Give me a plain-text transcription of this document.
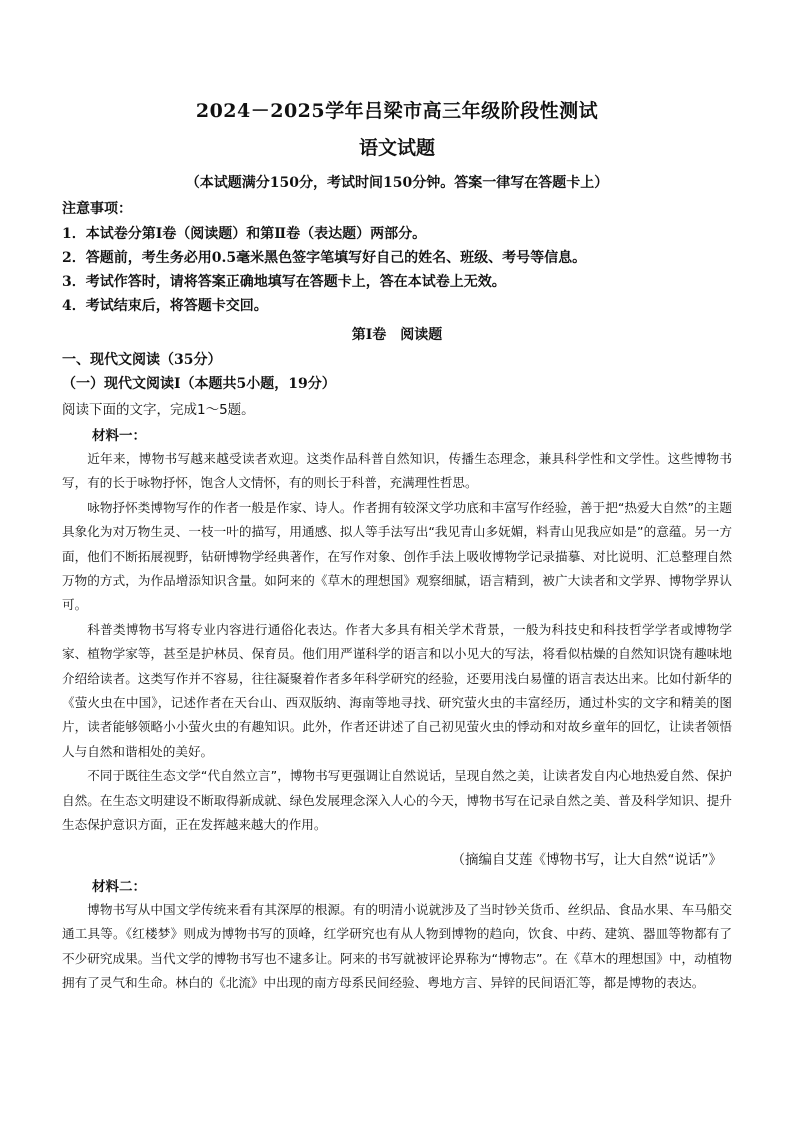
2024－2025学年吕梁市高三年级阶段性测试
语文试题
（本试题满分150分，考试时间150分钟。答案一律写在答题卡上）
注意事项：
1．本试卷分第Ⅰ卷（阅读题）和第Ⅱ卷（表达题）两部分。
2．答题前，考生务必用0.5毫米黑色签字笔填写好自己的姓名、班级、考号等信息。
3．考试作答时，请将答案正确地填写在答题卡上，答在本试卷上无效。
4．考试结束后，将答题卡交回。
第Ⅰ卷　阅读题
一、现代文阅读（35分）
（一）现代文阅读Ⅰ（本题共5小题，19分）
阅读下面的文字，完成1～5题。
材料一：

近年来，博物书写越来越受读者欢迎。这类作品科普自然知识，传播生态理念，兼具科学性和文学性。这些博物书写，有的长于咏物抒怀，饱含人文情怀，有的则长于科普，充满理性哲思。

咏物抒怀类博物写作的作者一般是作家、诗人。作者拥有较深文学功底和丰富写作经验，善于把“热爱大自然”的主题具象化为对万物生灵、一枝一叶的描写，用通感、拟人等手法写出“我见青山多妩媚，料青山见我应如是”的意蕴。另一方面，他们不断拓展视野，钻研博物学经典著作，在写作对象、创作手法上吸收博物学记录描摹、对比说明、汇总整理自然万物的方式，为作品增添知识含量。如阿来的《草木的理想国》观察细腻，语言精到，被广大读者和文学界、博物学界认可。

科普类博物书写将专业内容进行通俗化表达。作者大多具有相关学术背景，一般为科技史和科技哲学学者或博物学家、植物学家等，甚至是护林员、保育员。他们用严谨科学的语言和以小见大的写法，将看似枯燥的自然知识饶有趣味地介绍给读者。这类写作并不容易，往往凝聚着作者多年科学研究的经验，还要用浅白易懂的语言表达出来。比如付新华的《萤火虫在中国》，记述作者在天台山、西双版纳、海南等地寻找、研究萤火虫的丰富经历，通过朴实的文字和精美的图片，读者能够领略小小萤火虫的有趣知识。此外，作者还讲述了自己初见萤火虫的悸动和对故乡童年的回忆，让读者领悟人与自然和谐相处的美好。

不同于既往生态文学“代自然立言”，博物书写更强调让自然说话，呈现自然之美，让读者发自内心地热爱自然、保护自然。在生态文明建设不断取得新成就、绿色发展理念深入人心的今天，博物书写在记录自然之美、普及科学知识、提升生态保护意识方面，正在发挥越来越大的作用。

（摘编自艾莲《博物书写，让大自然“说话”》
材料二：

博物书写从中国文学传统来看有其深厚的根源。有的明清小说就涉及了当时钞关货币、丝织品、食品水果、车马船交通工具等。《红楼梦》则成为博物书写的顶峰，红学研究也有从人物到博物的趋向，饮食、中药、建筑、器皿等物都有了不少研究成果。当代文学的博物书写也不逮多让。阿来的书写就被评论界称为“博物志”。在《草木的理想国》中，动植物拥有了灵气和生命。林白的《北流》中出现的南方母系民间经验、粤地方言、异锌的民间语汇等，都是博物的表达。
